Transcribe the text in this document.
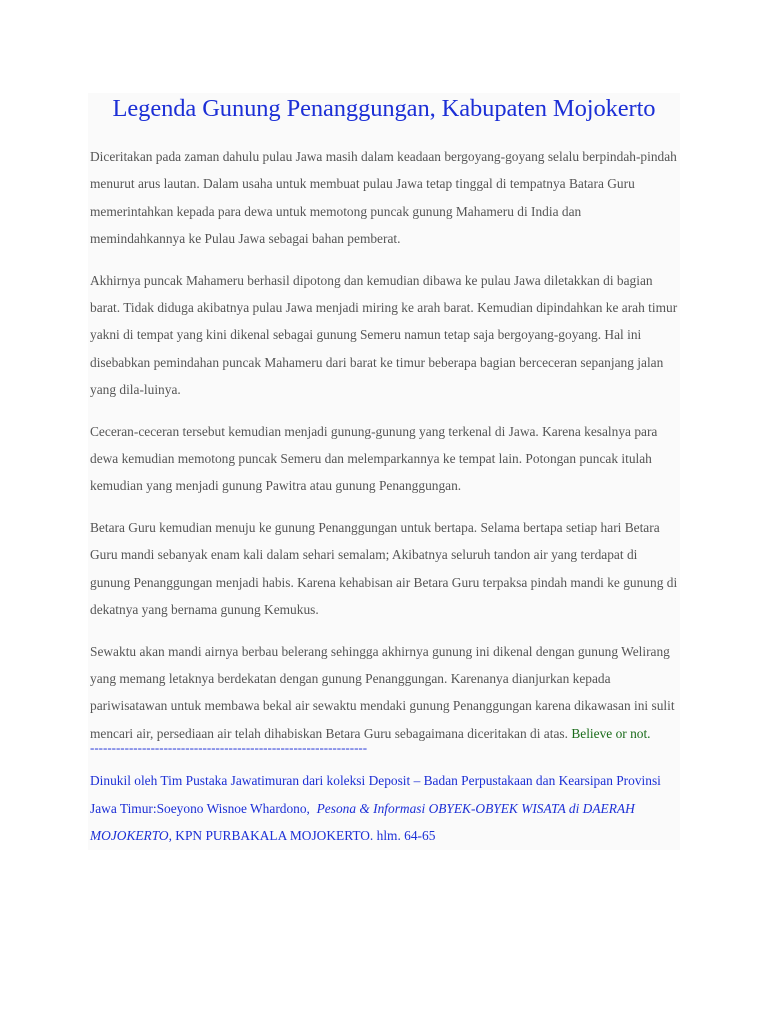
Legenda Gunung Penanggungan, Kabupaten Mojokerto

Diceritakan pada zaman dahulu pulau Jawa masih dalam keadaan bergoyang-goyang selalu berpindah-pindah menurut arus lautan. Dalam usaha untuk membuat pulau Jawa tetap tinggal di tempatnya Batara Guru memerintahkan kepada para dewa untuk memotong puncak gunung Mahameru di India dan memindahkannya ke Pulau Jawa sebagai bahan pemberat.

Akhirnya puncak Mahameru berhasil dipotong dan kemudian dibawa ke pulau Jawa diletakkan di bagian barat. Tidak diduga akibatnya pulau Jawa menjadi miring ke arah barat. Kemudian dipindahkan ke arah timur yakni di tempat yang kini dikenal sebagai gunung Semeru namun tetap saja bergoyang-goyang. Hal ini disebabkan pemindahan puncak Mahameru dari barat ke timur beberapa bagian berceceran sepanjang jalan yang dila-luinya.

Ceceran-ceceran tersebut kemudian menjadi gunung-gunung yang terkenal di Jawa. Karena kesalnya para dewa kemudian memotong puncak Semeru dan melemparkannya ke tempat lain. Potongan puncak itulah kemudian yang menjadi gunung Pawitra atau gunung Penanggungan.

Betara Guru kemudian menuju ke gunung Penanggungan untuk bertapa. Selama bertapa setiap hari Betara Guru mandi sebanyak enam kali dalam sehari semalam; Akibatnya seluruh tandon air yang terdapat di gunung Penanggungan menjadi habis. Karena kehabisan air Betara Guru terpaksa pindah mandi ke gunung di dekatnya yang bernama gunung Kemukus.

Sewaktu akan mandi airnya berbau belerang sehingga akhirnya gunung ini dikenal dengan gunung Welirang yang memang letaknya berdekatan dengan gunung Penanggungan. Karenanya dianjurkan kepada pariwisatawan untuk membawa bekal air sewaktu mendaki gunung Penanggungan karena dikawasan ini sulit mencari air, persediaan air telah dihabiskan Betara Guru sebagaimana diceritakan di atas. Believe or not.

----------------------------------------------------------------

Dinukil oleh Tim Pustaka Jawatimuran dari koleksi Deposit – Badan Perpustakaan dan Kearsipan Provinsi Jawa Timur:Soeyono Wisnoe Whardono, Pesona & Informasi OBYEK-OBYEK WISATA di DAERAH MOJOKERTO, KPN PURBAKALA MOJOKERTO. hlm. 64-65
